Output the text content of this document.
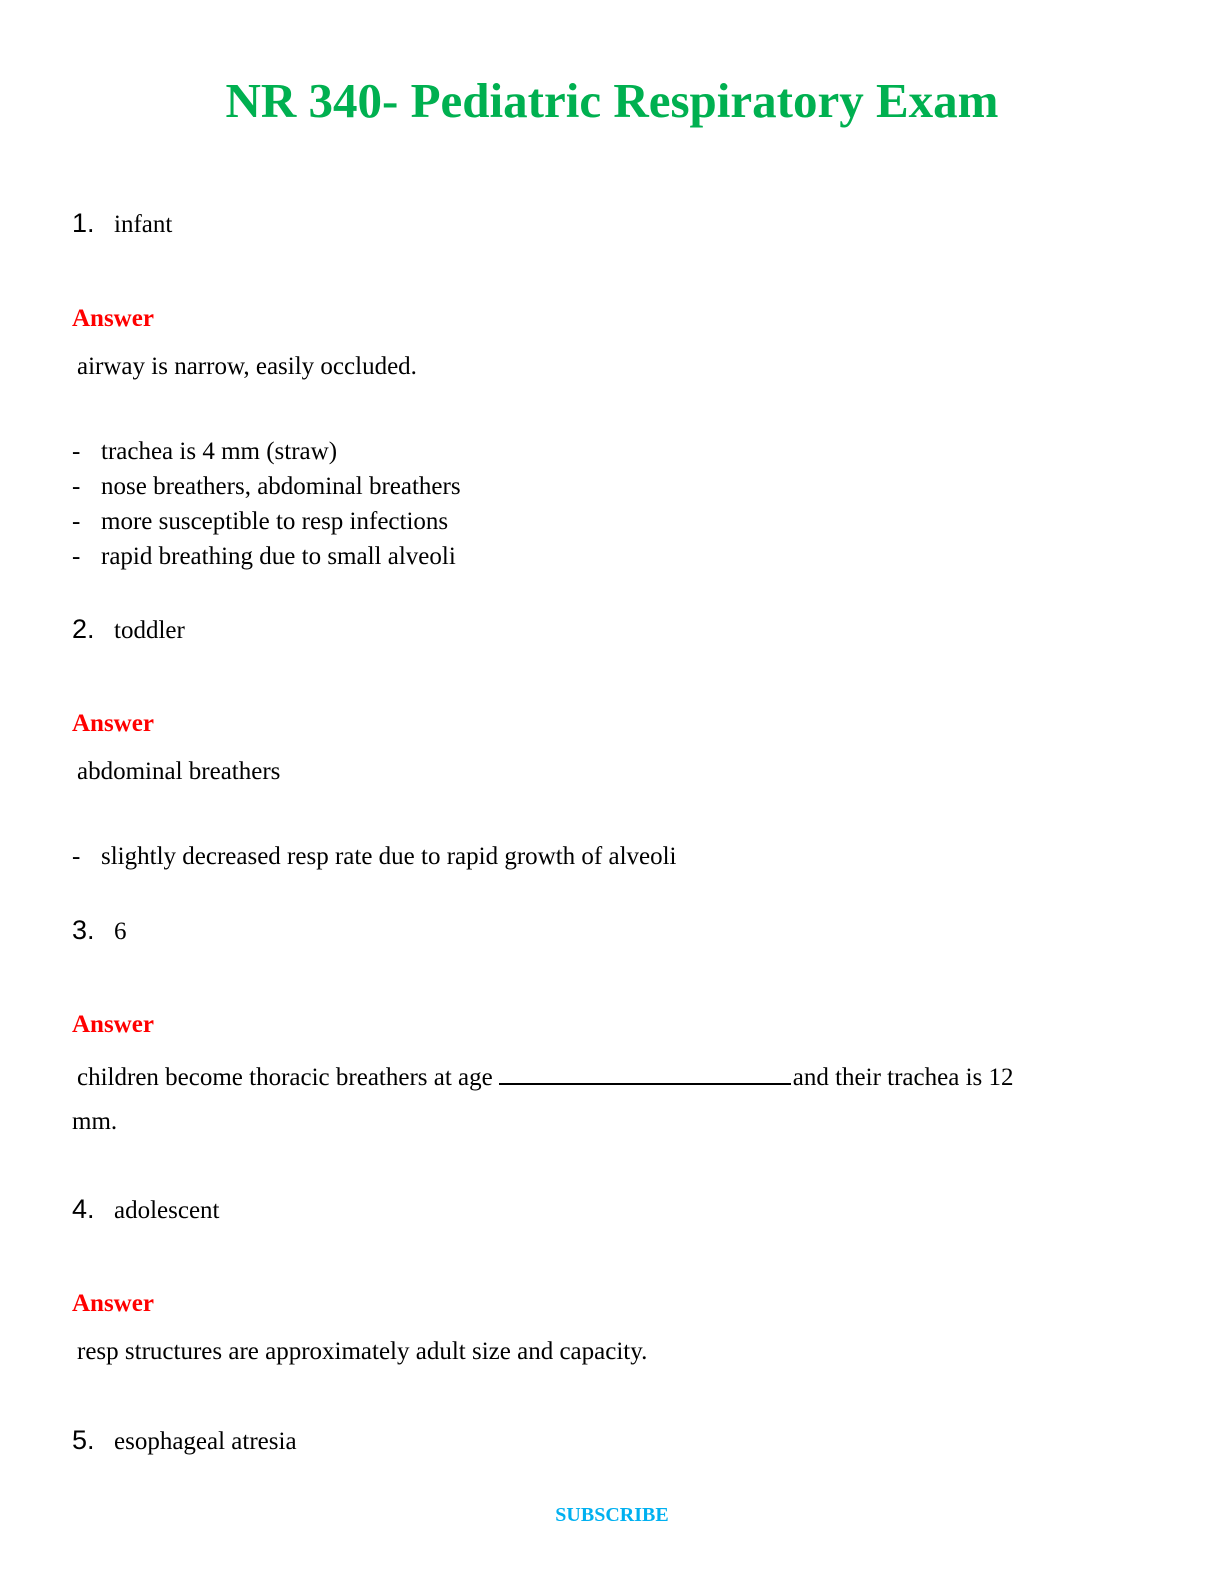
NR 340- Pediatric Respiratory Exam
1. infant
Answer
airway is narrow, easily occluded.
- trachea is 4 mm (straw)
- nose breathers, abdominal breathers
- more susceptible to resp infections
- rapid breathing due to small alveoli
2. toddler
Answer
abdominal breathers
- slightly decreased resp rate due to rapid growth of alveoli
3. 6
Answer
children become thoracic breathers at age	and their trachea is 12
mm.
4. adolescent
Answer
resp structures are approximately adult size and capacity.
5. esophageal atresia
SUBSCRIBE
